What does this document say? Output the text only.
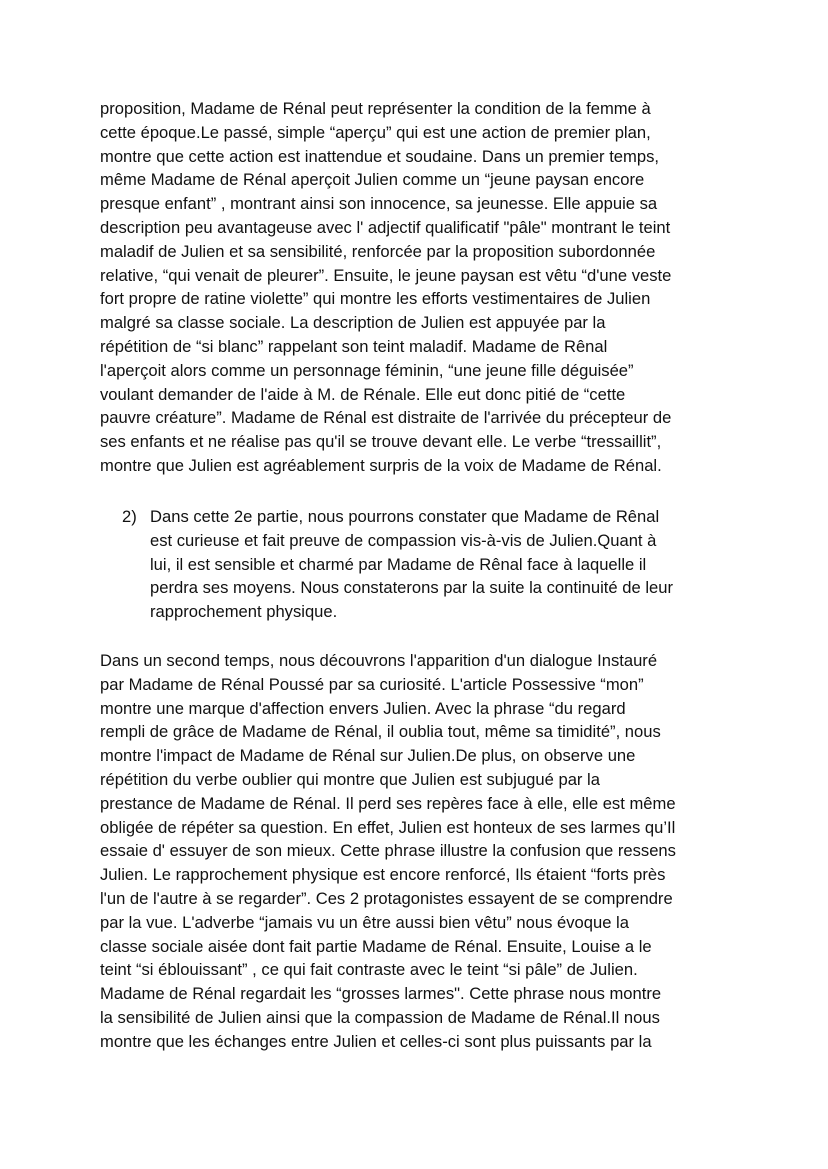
proposition, Madame de Rénal peut représenter la condition de la femme à
cette époque.Le passé, simple “aperçu” qui est une action de premier plan,
montre que cette action est inattendue et soudaine. Dans un premier temps,
même Madame de Rénal aperçoit Julien comme un “jeune paysan encore
presque enfant” , montrant ainsi son innocence, sa jeunesse. Elle appuie sa
description peu avantageuse avec l' adjectif qualificatif "pâle" montrant le teint
maladif de Julien et sa sensibilité, renforcée par la proposition subordonnée
relative, “qui venait de pleurer”. Ensuite, le jeune paysan est vêtu “d'une veste
fort propre de ratine violette” qui montre les efforts vestimentaires de Julien
malgré sa classe sociale. La description de Julien est appuyée par la
répétition de “si blanc” rappelant son teint maladif. Madame de Rênal
l'aperçoit alors comme un personnage féminin, “une jeune fille déguisée”
voulant demander de l'aide à M. de Rénale. Elle eut donc pitié de “cette
pauvre créature”. Madame de Rénal est distraite de l'arrivée du précepteur de
ses enfants et ne réalise pas qu'il se trouve devant elle. Le verbe “tressaillit”,
montre que Julien est agréablement surpris de la voix de Madame de Rénal.
2) Dans cette 2e partie, nous pourrons constater que Madame de Rênal
est curieuse et fait preuve de compassion vis-à-vis de Julien.Quant à
lui, il est sensible et charmé par Madame de Rênal face à laquelle il
perdra ses moyens. Nous constaterons par la suite la continuité de leur
rapprochement physique.
Dans un second temps, nous découvrons l'apparition d'un dialogue Instauré
par Madame de Rénal Poussé par sa curiosité. L'article Possessive “mon”
montre une marque d'affection envers Julien. Avec la phrase “du regard
rempli de grâce de Madame de Rénal, il oublia tout, même sa timidité”, nous
montre l'impact de Madame de Rénal sur Julien.De plus, on observe une
répétition du verbe oublier qui montre que Julien est subjugué par la
prestance de Madame de Rénal. Il perd ses repères face à elle, elle est même
obligée de répéter sa question. En effet, Julien est honteux de ses larmes qu’Il
essaie d' essuyer de son mieux. Cette phrase illustre la confusion que ressens
Julien. Le rapprochement physique est encore renforcé, Ils étaient “forts près
l'un de l'autre à se regarder”. Ces 2 protagonistes essayent de se comprendre
par la vue. L'adverbe “jamais vu un être aussi bien vêtu” nous évoque la
classe sociale aisée dont fait partie Madame de Rénal. Ensuite, Louise a le
teint “si éblouissant” , ce qui fait contraste avec le teint “si pâle” de Julien.
Madame de Rénal regardait les “grosses larmes". Cette phrase nous montre
la sensibilité de Julien ainsi que la compassion de Madame de Rénal.Il nous
montre que les échanges entre Julien et celles-ci sont plus puissants par la
